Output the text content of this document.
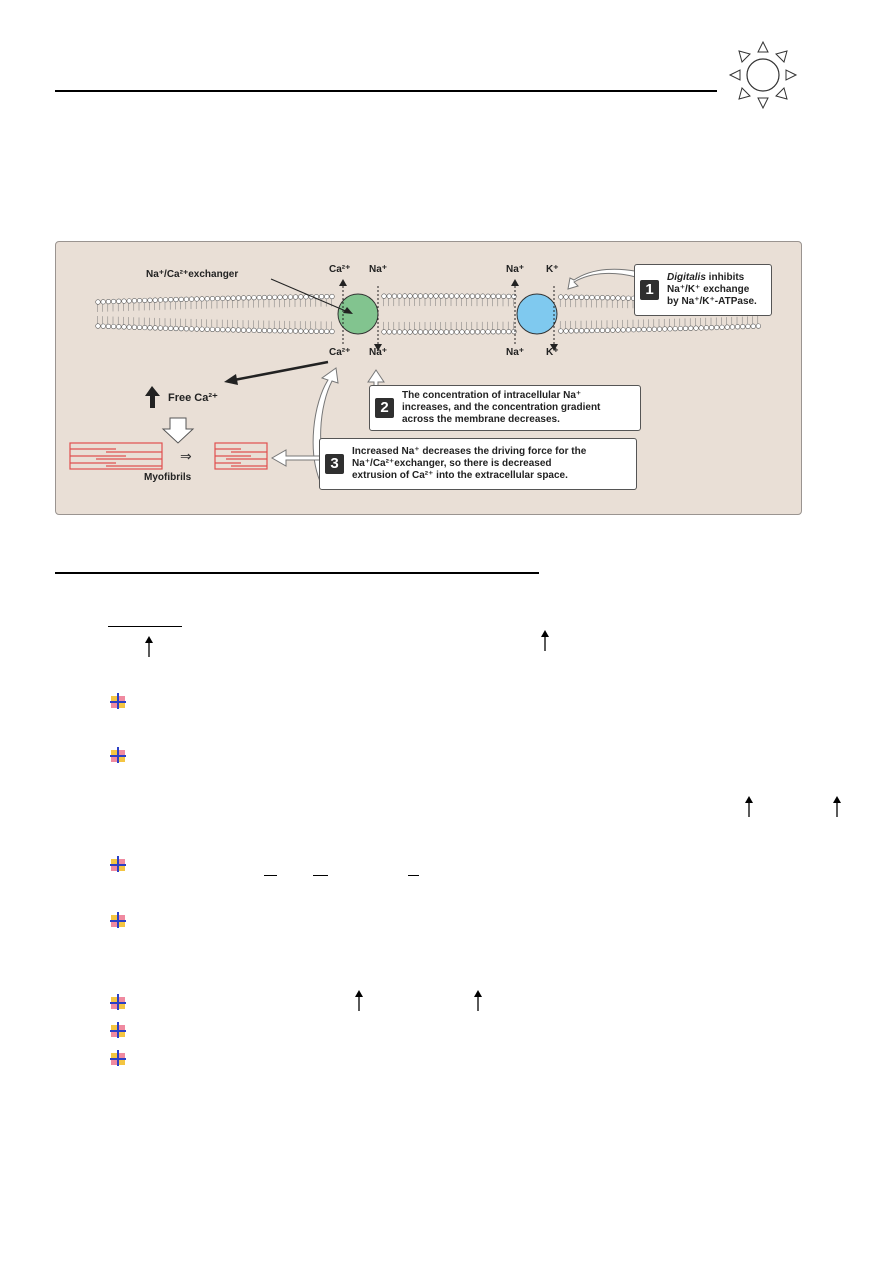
⇒
Na⁺/Ca²⁺exchanger	Ca²⁺ Na⁺	Na⁺ K⁺
Ca²⁺ Na⁺	Na⁺ K⁺
Free Ca²⁺
Myofibrils
1
Digitalis inhibits
Na⁺/K⁺ exchange
by Na⁺/K⁺-ATPase.
2
The concentration of intracellular Na⁺
increases, and the concentration gradient
across the membrane decreases.
3
Increased Na⁺ decreases the driving force for the
Na⁺/Ca²⁺exchanger, so there is decreased
extrusion of Ca²⁺ into the extracellular space.
